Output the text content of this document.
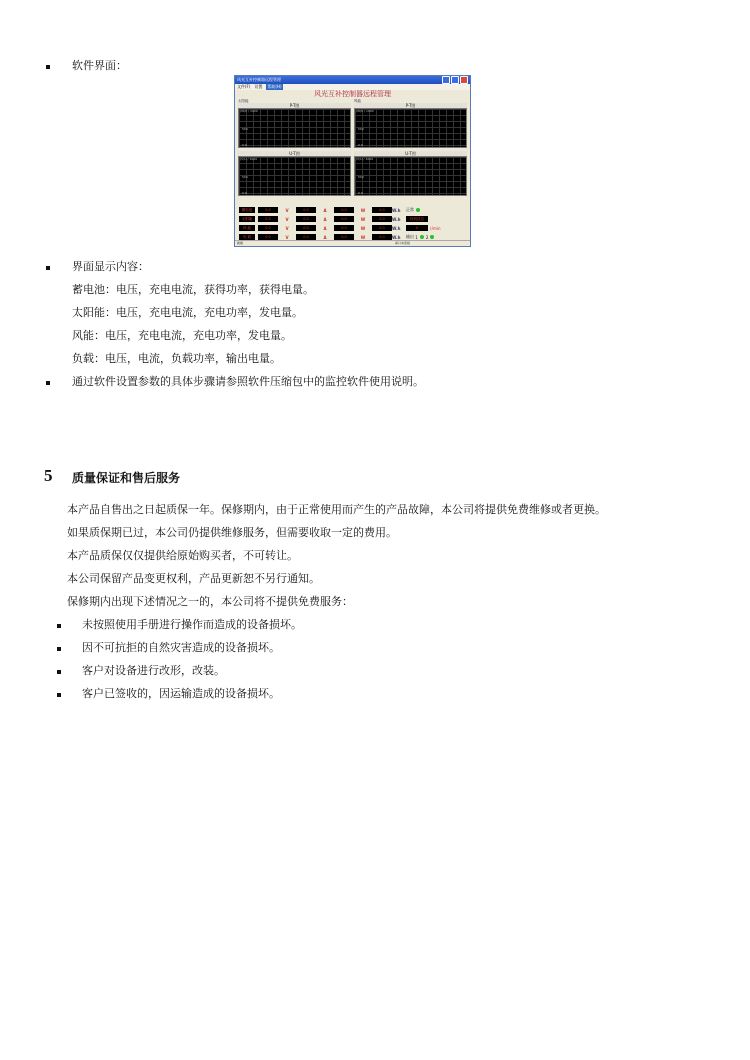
软件界面：
风光互补控制器远程管理
文件(F) 设置 帮助(H)
风光互补控制器远程管理
太阳能
P-T图
(W)P / 1000
500
0.0
风能
P-T图
(W)P / 1000
500
0.0
U-T图
(V)U / 1000
500
0.0
U-T图
(V)U / 1000
500
0.0
蓄电池	0.0	V	0.0	A	0.0	W	0.0	W.h	正常
太阳能	0.0	V	0.0	A	0.0	W	0.0	W.h	待机状态
风 能	0.0	V	0.0	A	0.0	W	0.0	W.h	0	r/min
负 载	0.0	V	0.0	A	0.0	W	0.0	W.h	输出
1 2
就绪	串口未连接
界面显示内容：
蓄电池：电压，充电电流，获得功率，获得电量。
太阳能：电压，充电电流，充电功率，发电量。
风能：电压，充电电流，充电功率，发电量。
负载：电压，电流，负载功率，输出电量。
通过软件设置参数的具体步骤请参照软件压缩包中的监控软件使用说明。
5 质量保证和售后服务
本产品自售出之日起质保一年。保修期内，由于正常使用而产生的产品故障，本公司将提供免费维修或者更换。
如果质保期已过，本公司仍提供维修服务，但需要收取一定的费用。
本产品质保仅仅提供给原始购买者，不可转让。
本公司保留产品变更权利，产品更新恕不另行通知。
保修期内出现下述情况之一的，本公司将不提供免费服务：
未按照使用手册进行操作而造成的设备损坏。
因不可抗拒的自然灾害造成的设备损坏。
客户对设备进行改形，改装。
客户已签收的，因运输造成的设备损坏。
